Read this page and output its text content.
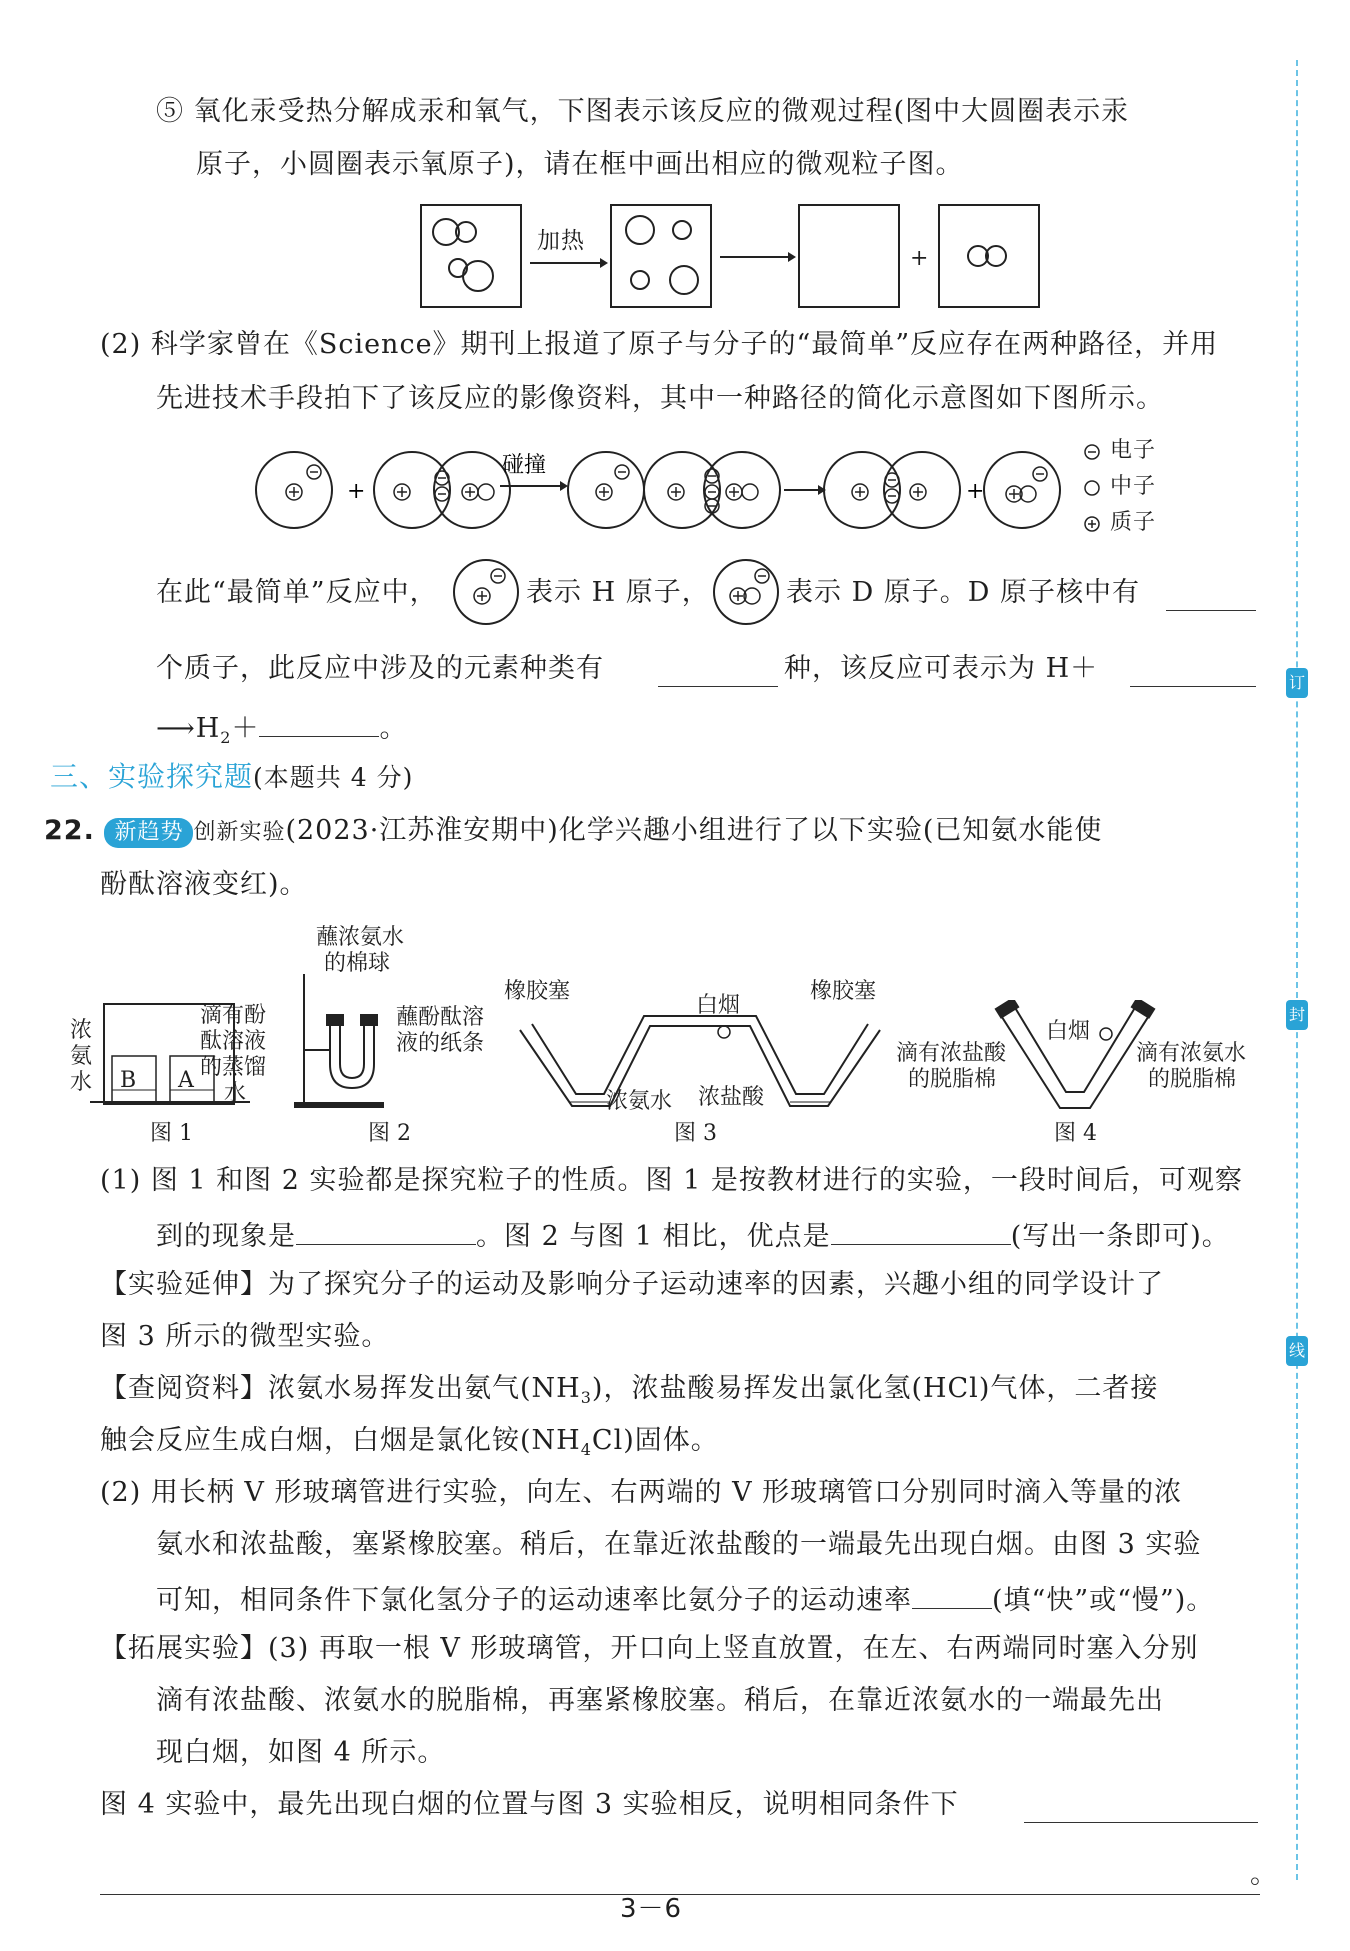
订
封
线
⑤ 氧化汞受热分解成汞和氧气，下图表示该反应的微观过程(图中大圆圈表示汞
原子，小圆圈表示氧原子)，请在框中画出相应的微观粒子图。
加热
+
(2) 科学家曾在《Science》期刊上报道了原子与分子的“最简单”反应存在两种路径，并用
先进技术手段拍下了该反应的影像资料，其中一种路径的简化示意图如下图所示。
+
碰撞
+
电子
中子
质子
在此“最简单”反应中，	表示 H 原子，	表示 D 原子。D 原子核中有
个质子，此反应中涉及的元素种类有	种，该反应可表示为 H＋
$⟶H_2+$	。
三、实验探究题(本题共 4 分)
22. 新趋势 创新实验(2023·江苏淮安期中)化学兴趣小组进行了以下实验(已知氨水能使
酚酞溶液变红)。
浓氨水 B A
滴有酚
酞溶液
的蒸馏
水
图 1
蘸浓氨水
的棉球
蘸酚酞溶
液的纸条
图 2
橡胶塞	橡胶塞
白烟
浓氨水 浓盐酸
图 3
白烟
滴有浓盐酸
的脱脂棉
滴有浓氨水
的脱脂棉
图 4
(1) 图 1 和图 2 实验都是探究粒子的性质。图 1 是按教材进行的实验，一段时间后，可观察
到的现象是	。图 2 与图 1 相比，优点是	(写出一条即可)。
【实验延伸】为了探究分子的运动及影响分子运动速率的因素，兴趣小组的同学设计了
图 3 所示的微型实验。
【查阅资料】浓氨水易挥发出氨气$(NH_3)$，浓盐酸易挥发出氯化氢(HCl)气体，二者接
触会反应生成白烟，白烟是氯化铵$(NH_4Cl)$固体。
(2) 用长柄 V 形玻璃管进行实验，向左、右两端的 V 形玻璃管口分别同时滴入等量的浓
氨水和浓盐酸，塞紧橡胶塞。稍后，在靠近浓盐酸的一端最先出现白烟。由图 3 实验
可知，相同条件下氯化氢分子的运动速率比氨分子的运动速率	(填“快”或“慢”)。
【拓展实验】(3) 再取一根 V 形玻璃管，开口向上竖直放置，在左、右两端同时塞入分别
滴有浓盐酸、浓氨水的脱脂棉，再塞紧橡胶塞。稍后，在靠近浓氨水的一端最先出
现白烟，如图 4 所示。
图 4 实验中，最先出现白烟的位置与图 3 实验相反，说明相同条件下
。
3－6
